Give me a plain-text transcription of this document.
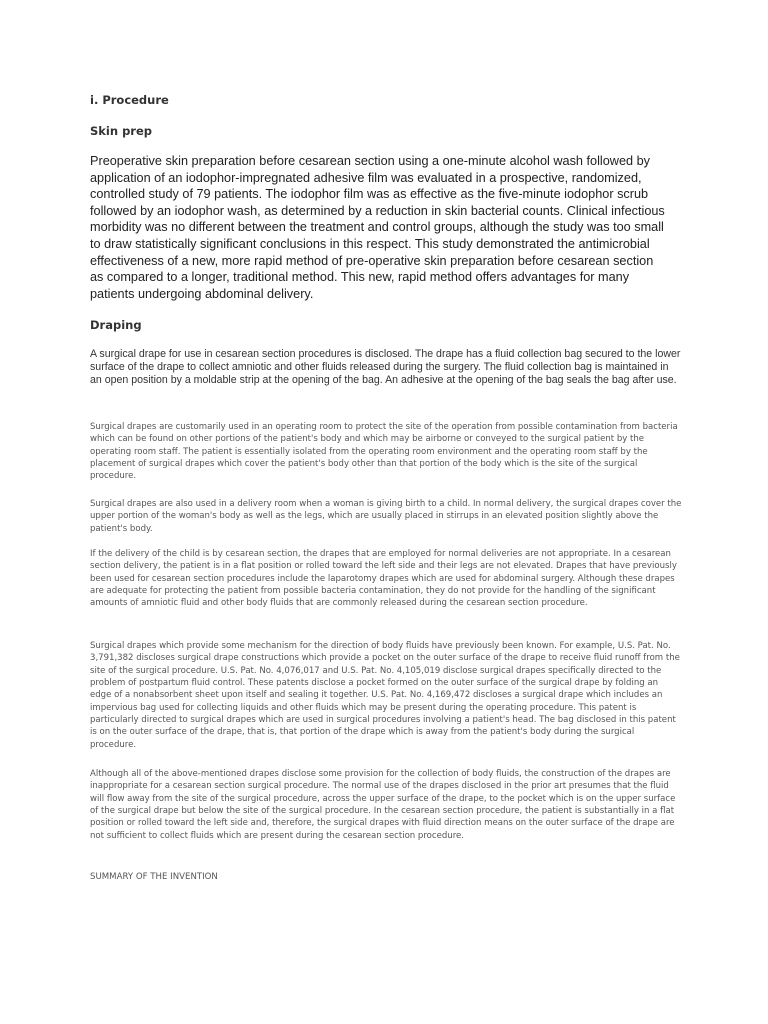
i. Procedure
Skin prep

Preoperative skin preparation before cesarean section using a one-minute alcohol wash followed by application of an iodophor-impregnated adhesive film was evaluated in a prospective, randomized, controlled study of 79 patients. The iodophor film was as effective as the five-minute iodophor scrub followed by an iodophor wash, as determined by a reduction in skin bacterial counts. Clinical infectious morbidity was no different between the treatment and control groups, although the study was too small to draw statistically significant conclusions in this respect. This study demonstrated the antimicrobial effectiveness of a new, more rapid method of pre-operative skin preparation before cesarean section as compared to a longer, traditional method. This new, rapid method offers advantages for many patients undergoing abdominal delivery.

Draping

A surgical drape for use in cesarean section procedures is disclosed. The drape has a fluid collection bag secured to the lower surface of the drape to collect amniotic and other fluids released during the surgery. The fluid collection bag is maintained in an open position by a moldable strip at the opening of the bag. An adhesive at the opening of the bag seals the bag after use.

Surgical drapes are customarily used in an operating room to protect the site of the operation from possible contamination from bacteria which can be found on other portions of the patient's body and which may be airborne or conveyed to the surgical patient by the operating room staff. The patient is essentially isolated from the operating room environment and the operating room staff by the placement of surgical drapes which cover the patient's body other than that portion of the body which is the site of the surgical procedure.

Surgical drapes are also used in a delivery room when a woman is giving birth to a child. In normal delivery, the surgical drapes cover the upper portion of the woman's body as well as the legs, which are usually placed in stirrups in an elevated position slightly above the patient's body.

If the delivery of the child is by cesarean section, the drapes that are employed for normal deliveries are not appropriate. In a cesarean section delivery, the patient is in a flat position or rolled toward the left side and their legs are not elevated. Drapes that have previously been used for cesarean section procedures include the laparotomy drapes which are used for abdominal surgery. Although these drapes are adequate for protecting the patient from possible bacteria contamination, they do not provide for the handling of the significant amounts of amniotic fluid and other body fluids that are commonly released during the cesarean section procedure.

Surgical drapes which provide some mechanism for the direction of body fluids have previously been known. For example, U.S. Pat. No. 3,791,382 discloses surgical drape constructions which provide a pocket on the outer surface of the drape to receive fluid runoff from the site of the surgical procedure. U.S. Pat. No. 4,076,017 and U.S. Pat. No. 4,105,019 disclose surgical drapes specifically directed to the problem of postpartum fluid control. These patents disclose a pocket formed on the outer surface of the surgical drape by folding an edge of a nonabsorbent sheet upon itself and sealing it together. U.S. Pat. No. 4,169,472 discloses a surgical drape which includes an impervious bag used for collecting liquids and other fluids which may be present during the operating procedure. This patent is particularly directed to surgical drapes which are used in surgical procedures involving a patient's head. The bag disclosed in this patent is on the outer surface of the drape, that is, that portion of the drape which is away from the patient's body during the surgical procedure.

Although all of the above-mentioned drapes disclose some provision for the collection of body fluids, the construction of the drapes are inappropriate for a cesarean section surgical procedure. The normal use of the drapes disclosed in the prior art presumes that the fluid will flow away from the site of the surgical procedure, across the upper surface of the drape, to the pocket which is on the upper surface of the surgical drape but below the site of the surgical procedure. In the cesarean section procedure, the patient is substantially in a flat position or rolled toward the left side and, therefore, the surgical drapes with fluid direction means on the outer surface of the drape are not sufficient to collect fluids which are present during the cesarean section procedure.

SUMMARY OF THE INVENTION
